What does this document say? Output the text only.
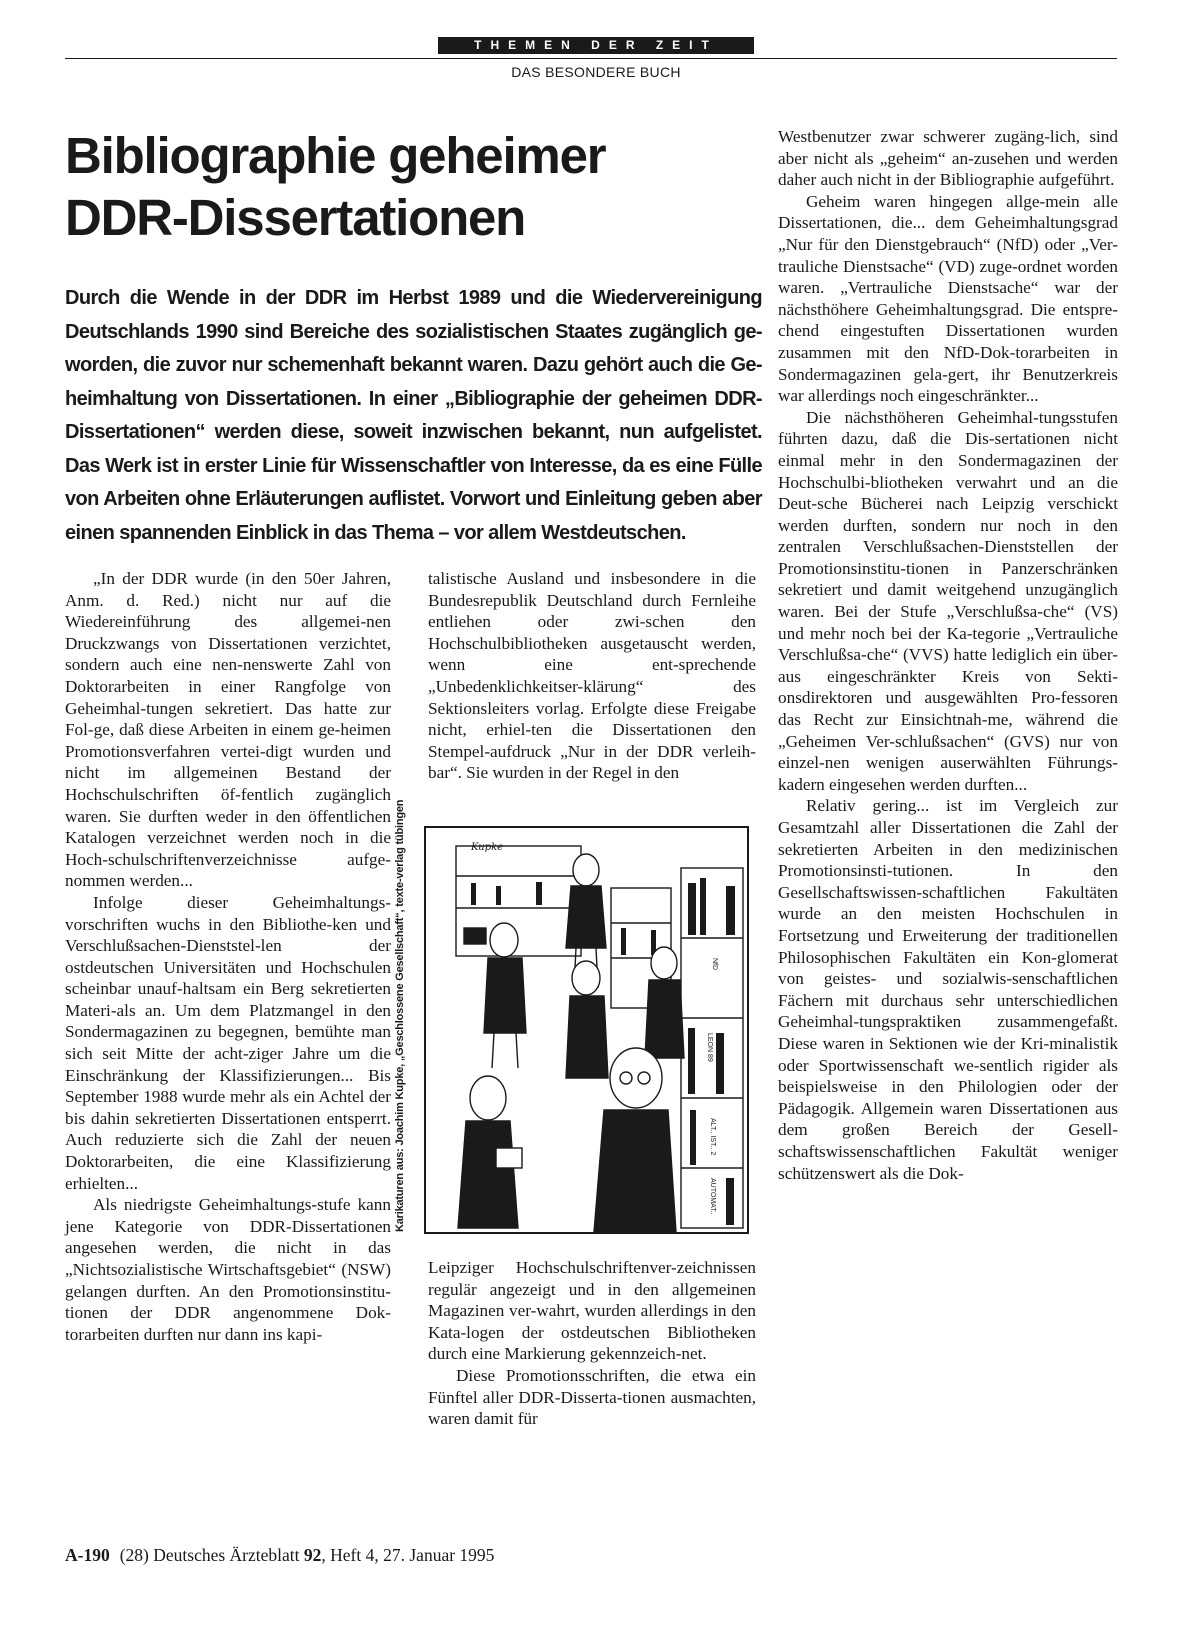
THEMEN DER ZEIT
DAS BESONDERE BUCH
Bibliographie geheimer
DDR-Dissertationen

Durch die Wende in der DDR im Herbst 1989 und die Wiedervereinigung Deutschlands 1990 sind Bereiche des sozialistischen Staates zugänglich ge-worden, die zuvor nur schemenhaft bekannt waren. Dazu gehört auch die Ge-heimhaltung von Dissertationen. In einer „Bibliographie der geheimen DDR-Dissertationen“ werden diese, soweit inzwischen bekannt, nun aufgelistet. Das Werk ist in erster Linie für Wissenschaftler von Interesse, da es eine Fülle von Arbeiten ohne Erläuterungen auflistet. Vorwort und Einleitung geben aber einen spannenden Einblick in das Thema – vor allem Westdeutschen.

„In der DDR wurde (in den 50er Jahren, Anm. d. Red.) nicht nur auf die Wiedereinführung des allgemei-nen Druckzwangs von Dissertationen verzichtet, sondern auch eine nen-nenswerte Zahl von Doktorarbeiten in einer Rangfolge von Geheimhal-tungen sekretiert. Das hatte zur Fol-ge, daß diese Arbeiten in einem ge-heimen Promotionsverfahren vertei-digt wurden und nicht im allgemeinen Bestand der Hochschulschriften öf-fentlich zugänglich waren. Sie durften weder in den öffentlichen Katalogen verzeichnet werden noch in die Hoch-schulschriftenverzeichnisse aufge-nommen werden...

Infolge dieser Geheimhaltungs-vorschriften wuchs in den Bibliothe-ken und Verschlußsachen-Dienststel-len der ostdeutschen Universitäten und Hochschulen scheinbar unauf-haltsam ein Berg sekretierten Materi-als an. Um dem Platzmangel in den Sondermagazinen zu begegnen, bemühte man sich seit Mitte der acht-ziger Jahre um die Einschränkung der Klassifizierungen... Bis September 1988 wurde mehr als ein Achtel der bis dahin sekretierten Dissertationen entsperrt. Auch reduzierte sich die Zahl der neuen Doktorarbeiten, die eine Klassifizierung erhielten...

Als niedrigste Geheimhaltungs-stufe kann jene Kategorie von DDR-Dissertationen angesehen werden, die nicht in das „Nichtsozialistische Wirtschaftsgebiet“ (NSW) gelangen durften. An den Promotionsinstitu-tionen der DDR angenommene Dok-torarbeiten durften nur dann ins kapi-

talistische Ausland und insbesondere in die Bundesrepublik Deutschland durch Fernleihe entliehen oder zwi-schen den Hochschulbibliotheken ausgetauscht werden, wenn eine ent-sprechende „Unbedenklichkeitser-klärung“ des Sektionsleiters vorlag. Erfolgte diese Freigabe nicht, erhiel-ten die Dissertationen den Stempel-aufdruck „Nur in der DDR verleih-bar“. Sie wurden in der Regel in den

NfD
LEON 89
ALT.. IST.. 2
AUTOMAT..
Kupke
Karikaturen aus: Joachim Kupke, „Geschlossene Gesellschaft“, texte-verlag tübingen

Leipziger Hochschulschriftenver-zeichnissen regulär angezeigt und in den allgemeinen Magazinen ver-wahrt, wurden allerdings in den Kata-logen der ostdeutschen Bibliotheken durch eine Markierung gekennzeich-net.

Diese Promotionsschriften, die etwa ein Fünftel aller DDR-Disserta-tionen ausmachten, waren damit für

Westbenutzer zwar schwerer zugäng-lich, sind aber nicht als „geheim“ an-zusehen und werden daher auch nicht in der Bibliographie aufgeführt.

Geheim waren hingegen allge-mein alle Dissertationen, die... dem Geheimhaltungsgrad „Nur für den Dienstgebrauch“ (NfD) oder „Ver-trauliche Dienstsache“ (VD) zuge-ordnet worden waren. „Vertrauliche Dienstsache“ war der nächsthöhere Geheimhaltungsgrad. Die entspre-chend eingestuften Dissertationen wurden zusammen mit den NfD-Dok-torarbeiten in Sondermagazinen gela-gert, ihr Benutzerkreis war allerdings noch eingeschränkter...

Die nächsthöheren Geheimhal-tungsstufen führten dazu, daß die Dis-sertationen nicht einmal mehr in den Sondermagazinen der Hochschulbi-bliotheken verwahrt und an die Deut-sche Bücherei nach Leipzig verschickt werden durften, sondern nur noch in den zentralen Verschlußsachen-Dienststellen der Promotionsinstitu-tionen in Panzerschränken sekretiert und damit weitgehend unzugänglich waren. Bei der Stufe „Verschlußsa-che“ (VS) und mehr noch bei der Ka-tegorie „Vertrauliche Verschlußsa-che“ (VVS) hatte lediglich ein über-aus eingeschränkter Kreis von Sekti-onsdirektoren und ausgewählten Pro-fessoren das Recht zur Einsichtnah-me, während die „Geheimen Ver-schlußsachen“ (GVS) nur von einzel-nen wenigen auserwählten Führungs-kadern eingesehen werden durften...

Relativ gering... ist im Vergleich zur Gesamtzahl aller Dissertationen die Zahl der sekretierten Arbeiten in den medizinischen Promotionsinsti-tutionen. In den Gesellschaftswissen-schaftlichen Fakultäten wurde an den meisten Hochschulen in Fortsetzung und Erweiterung der traditionellen Philosophischen Fakultäten ein Kon-glomerat von geistes- und sozialwis-senschaftlichen Fächern mit durchaus sehr unterschiedlichen Geheimhal-tungspraktiken zusammengefaßt. Diese waren in Sektionen wie der Kri-minalistik oder Sportwissenschaft we-sentlich rigider als beispielsweise in den Philologien oder der Pädagogik. Allgemein waren Dissertationen aus dem großen Bereich der Gesell-schaftswissenschaftlichen Fakultät weniger schützenswert als die Dok-

A-190 (28) Deutsches Ärzteblatt 92, Heft 4, 27. Januar 1995
